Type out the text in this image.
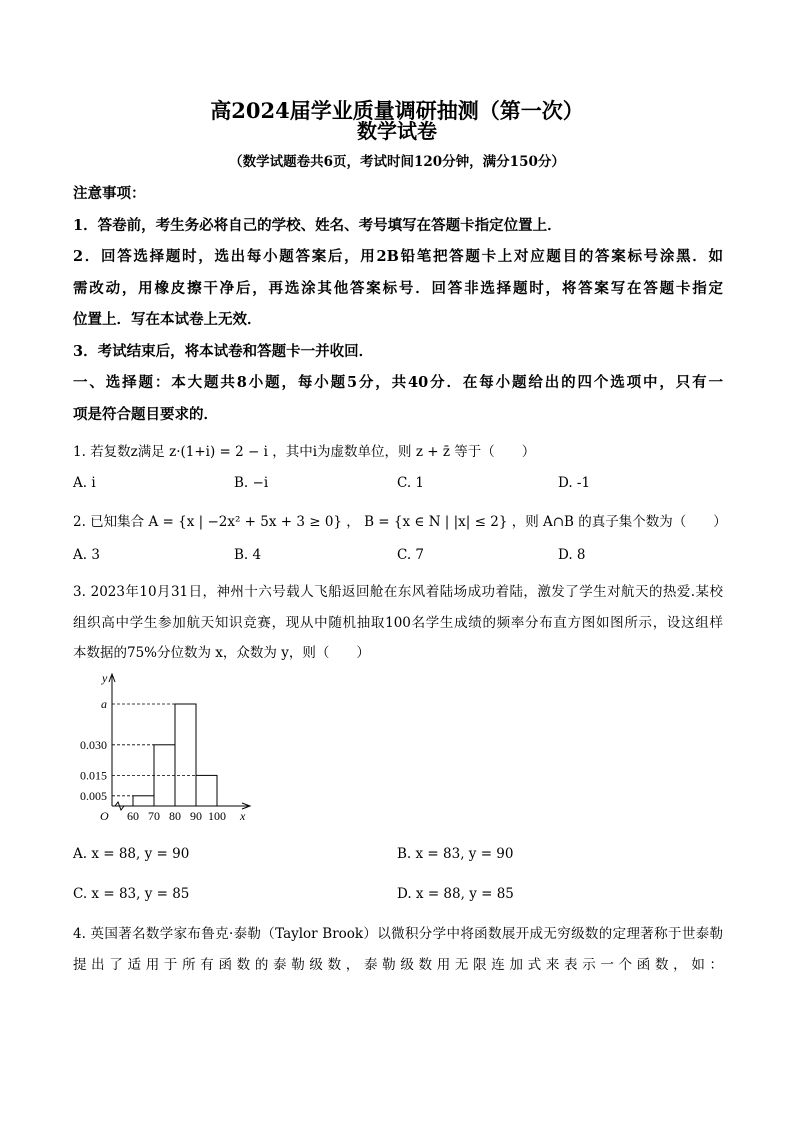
高2024届学业质量调研抽测（第一次）
数学试卷
（数学试题卷共6页，考试时间120分钟，满分150分）
注意事项：
1．答卷前，考生务必将自己的学校、姓名、考号填写在答题卡指定位置上．
2．回答选择题时，选出每小题答案后，用2B铅笔把答题卡上对应题目的答案标号涂黑．如
需改动，用橡皮擦干净后，再选涂其他答案标号．回答非选择题时，将答案写在答题卡指定
位置上．写在本试卷上无效．
3．考试结束后，将本试卷和答题卡一并收回．
一、选择题：本大题共8小题，每小题5分，共40分．在每小题给出的四个选项中，只有一
项是符合题目要求的．
1. 若复数z满足 z·(1+i) = 2 − i ，其中i为虚数单位，则 z + z̄ 等于（　　）
A. i	B. −i	C. 1	D. -1
2. 已知集合 A = {x | −2x² + 5x + 3 ≥ 0} ， B = {x ∈ N | |x| ≤ 2} ，则 A∩B 的真子集个数为（　　）
A. 3	B. 4	C. 7	D. 8
3. 2023年10月31日，神州十六号载人飞船返回舱在东风着陆场成功着陆，激发了学生对航天的热爱.某校
组织高中学生参加航天知识竞赛，现从中随机抽取100名学生成绩的频率分布直方图如图所示，设这组样
本数据的75%分位数为 x，众数为 y，则（　　）
0.005
0.015
0.030
a
60 70 80 90 100
O
y
x
A. x = 88, y = 90	B. x = 83, y = 90
C. x = 83, y = 85	D. x = 88, y = 85
4. 英国著名数学家布鲁克·泰勒（Taylor Brook）以微积分学中将函数展开成无穷级数的定理著称于世泰勒
提出了适用于所有函数的泰勒级数，泰勒级数用无限连加式来表示一个函数，如：
